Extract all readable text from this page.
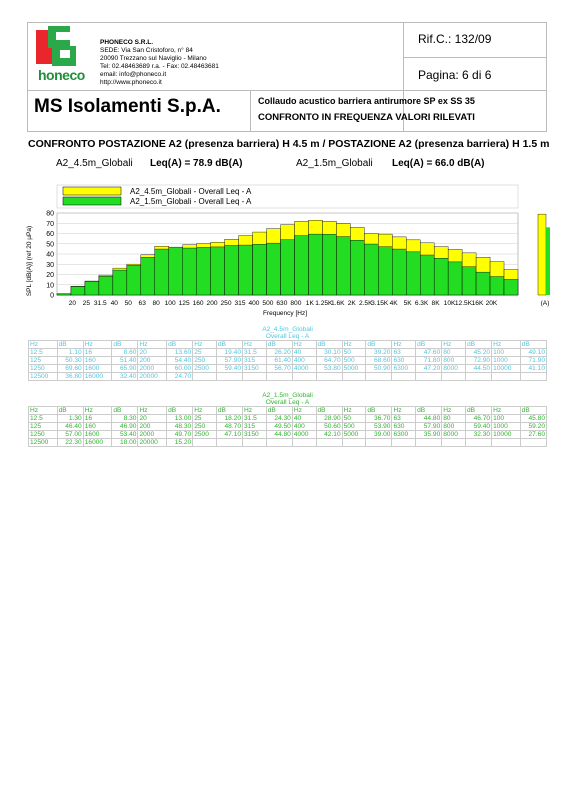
honeco
PHONECO S.R.L.
SEDE: Via San Cristoforo, n° 84
20090 Trezzano sul Naviglio - Milano
Tel: 02.48463689 r.a. - Fax: 02.48463681
email: info@phoneco.it
http://www.phoneco.it
Rif.C.: 132/09
Pagina: 6 di 6
MS Isolamenti S.p.A.	Collaudo acustico barriera antirumore SP ex SS 35
CONFRONTO IN FREQUENZA VALORI RILEVATI
CONFRONTO POSTAZIONE A2 (presenza barriera) H 4.5 m / POSTAZIONE A2 (presenza barriera) H 1.5 m
A2_4.5m_Globali Leq(A) = 78.9 dB(A)	A2_1.5m_Globali Leq(A) = 66.0 dB(A)
A2_4.5m_Globali - Overall Leq - A
A2_1.5m_Globali - Overall Leq - A
SPL [dB(A)] (ref 20 µPa)
Frequency [Hz]
0
10
20
30
40
50
60
70
80
20 25 31.5 40 50 63 80 100 125 160 200 250 315 400 500 630 800 1K 1.25K
1.6K 2K 2.5K
3.15K 4K 5K 6.3K 8K 10K 12.5K 16K 20K	(A)
A2_4.5m_Globali																			
Overall Leq - A																			
Hz	dB	Hz	dB	Hz	dB	Hz	dB	Hz	dB	Hz	dB	Hz	dB	Hz	dB	Hz	dB	Hz	dB
12.5	1.10	16	8.60	20	13.60	25	19.40	31.5	26.20	40	30.10	50	39.20	63	47.60	80	45.20	100	49.10
125	50.30	160	51.40	200	54.40	250	57.90	315	61.40	400	64.70	500	68.60	630	71.80	800	72.90	1000	71.90
1250	69.60	1600	65.90	2000	60.00	2500	59.40	3150	56.70	4000	53.80	5000	50.90	6300	47.20	8000	44.50	10000	41.10
12500	36.80	16000	32.40	20000	24.70														
A2_1.5m_Globali																			
Overall Leq - A																			
Hz	dB	Hz	dB	Hz	dB	Hz	dB	Hz	dB	Hz	dB	Hz	dB	Hz	dB	Hz	dB	Hz	dB
12.5	1.30	16	8.30	20	13.00	25	18.20	31.5	24.30	40	28.90	50	36.70	63	44.80	80	46.70	100	45.80
125	46.40	160	46.90	200	48.30	250	48.70	315	49.50	400	50.60	500	53.90	630	57.90	800	59.40	1000	59.20
1250	57.00	1600	53.40	2000	49.70	2500	47.10	3150	44.80	4000	42.10	5000	39.00	6300	35.90	8000	32.30	10000	27.60
12500	22.30	16000	18.00	20000	15.20														
